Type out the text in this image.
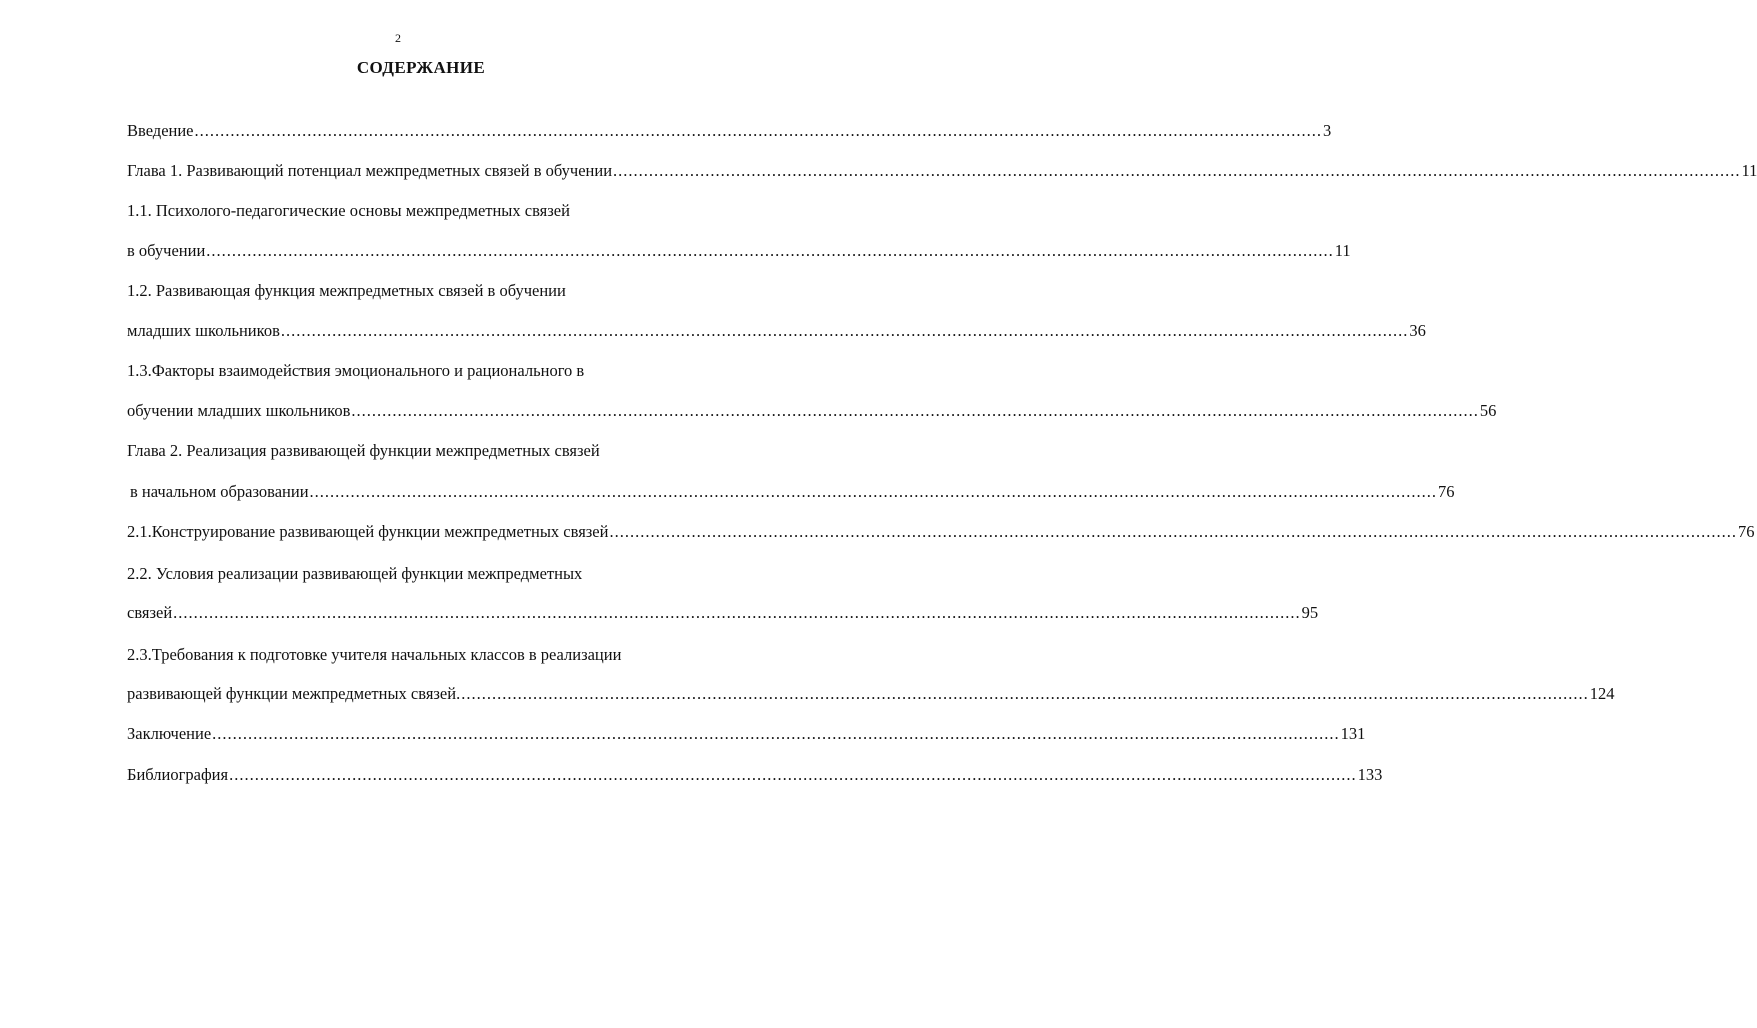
2
СОДЕРЖАНИЕ
Введение ............................................................................................................................................................................................................................ 3
Глава 1. Развивающий потенциал межпредметных связей в обучении ............................................................................................................................................................................................................................ 11
1.1. Психолого-педагогические основы межпредметных связей
в обучении ............................................................................................................................................................................................................................ 11
1.2. Развивающая функция межпредметных связей в обучении
младших школьников ............................................................................................................................................................................................................................ 36
1.3.Факторы взаимодействия эмоционального и рационального в
обучении младших школьников ............................................................................................................................................................................................................................ 56
Глава 2. Реализация развивающей функции межпредметных связей
в начальном образовании ............................................................................................................................................................................................................................ 76
2.1.Конструирование развивающей функции межпредметных связей ............................................................................................................................................................................................................................ 76
2.2. Условия реализации развивающей функции межпредметных
связей ............................................................................................................................................................................................................................ 95
2.3.Требования к подготовке учителя начальных классов в реализации
развивающей функции межпредметных связей. ............................................................................................................................................................................................................................ 124
Заключение ............................................................................................................................................................................................................................ 131
Библиография ............................................................................................................................................................................................................................ 133
